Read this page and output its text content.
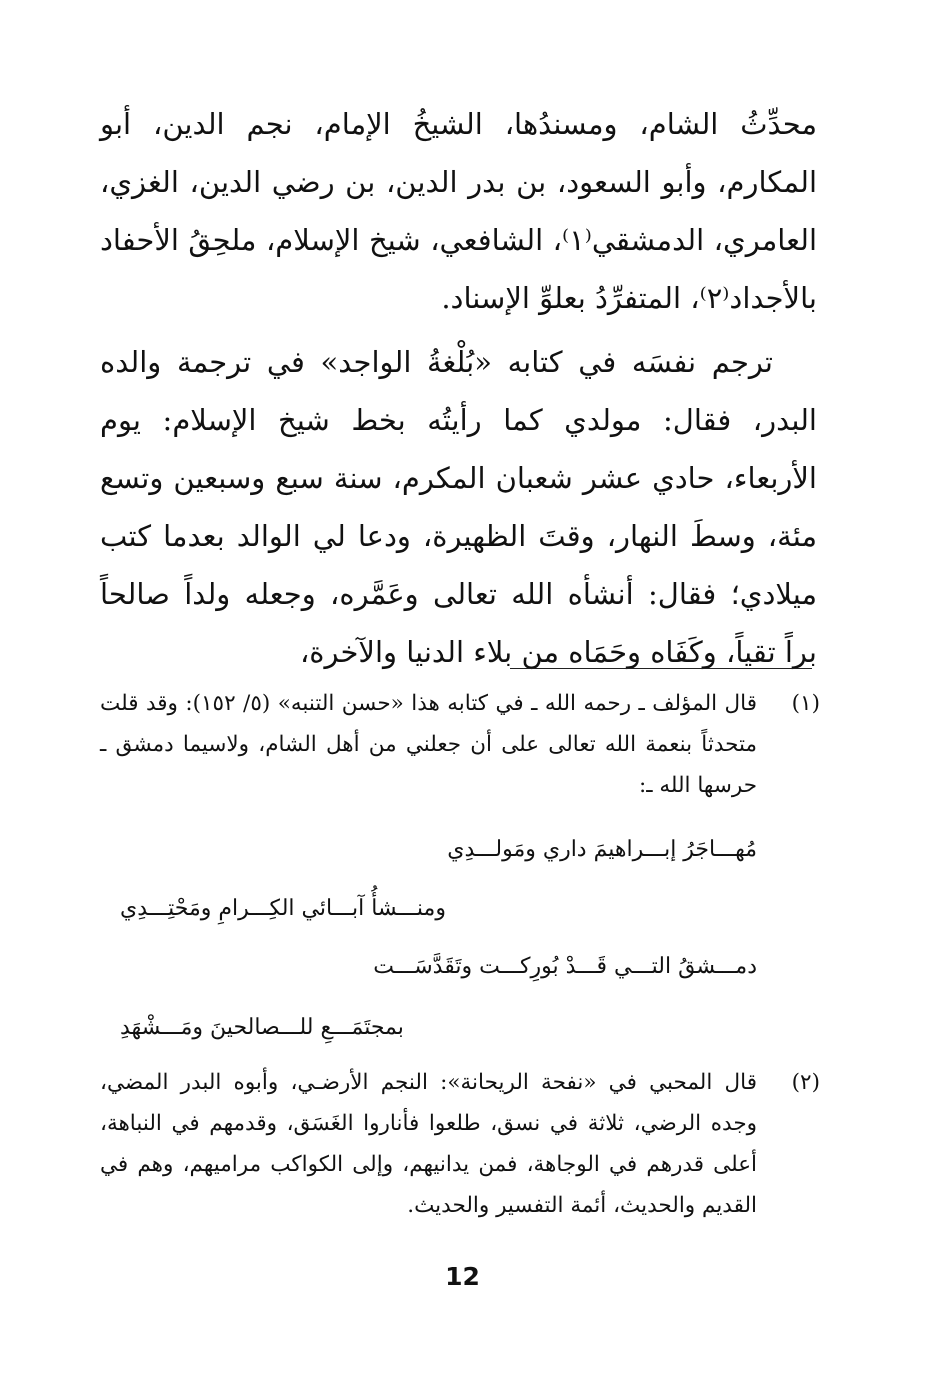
محدِّثُ الشام، ومسندُها، الشيخُ الإمام، نجم الدين، أبو المكارم، وأبو السعود، بن بدر الدين، بن رضي الدين، الغزي، العامري، الدمشقي⁽١⁾، الشافعي، شيخ الإسلام، ملحِقُ الأحفاد بالأجداد⁽٢⁾، المتفرِّدُ بعلوِّ الإسناد.

ترجم نفسَه في كتابه «بُلْغةُ الواجد» في ترجمة والده البدر، فقال: مولدي كما رأيتُه بخط شيخ الإسلام: يوم الأربعاء، حادي عشر شعبان المكرم، سنة سبع وسبعين وتسع مئة، وسطَ النهار، وقتَ الظهيرة، ودعا لي الوالد بعدما كتب ميلادي؛ فقال: أنشأه الله تعالى وعَمَّره، وجعله ولداً صالحاً براً تقياً، وكَفَاه وحَمَاه من بلاء الدنيا والآخرة،

(١)
قال المؤلف ـ رحمه الله ـ في كتابه هذا «حسن التنبه» (٥/ ١٥٢): وقد قلت متحدثاً بنعمة الله تعالى على أن جعلني من أهل الشام، ولاسيما دمشق ـ حرسها الله ـ:
مُهـــاجَرُ إبـــراهيمَ داري ومَولـــدِي
ومنـــشأُ آبـــائي الكِـــرامِ ومَحْتِـــدِي
دمـــشقُ التـــي قَـــدْ بُورِكـــت وتَقَدَّسَـــت
بمجتَمَـــعِ للـــصالحينَ ومَـــشْهَدِ
(٢)
قال المحبي في «نفحة الريحانة»: النجم الأرضـي، وأبوه البدر المضي، وجده الرضي، ثلاثة في نسق، طلعوا فأناروا الغَسَق، وقدمهم في النباهة، أعلى قدرهم في الوجاهة، فمن يدانيهم، وإلى الكواكب مراميهم، وهم في القديم والحديث، أئمة التفسير والحديث.
12
